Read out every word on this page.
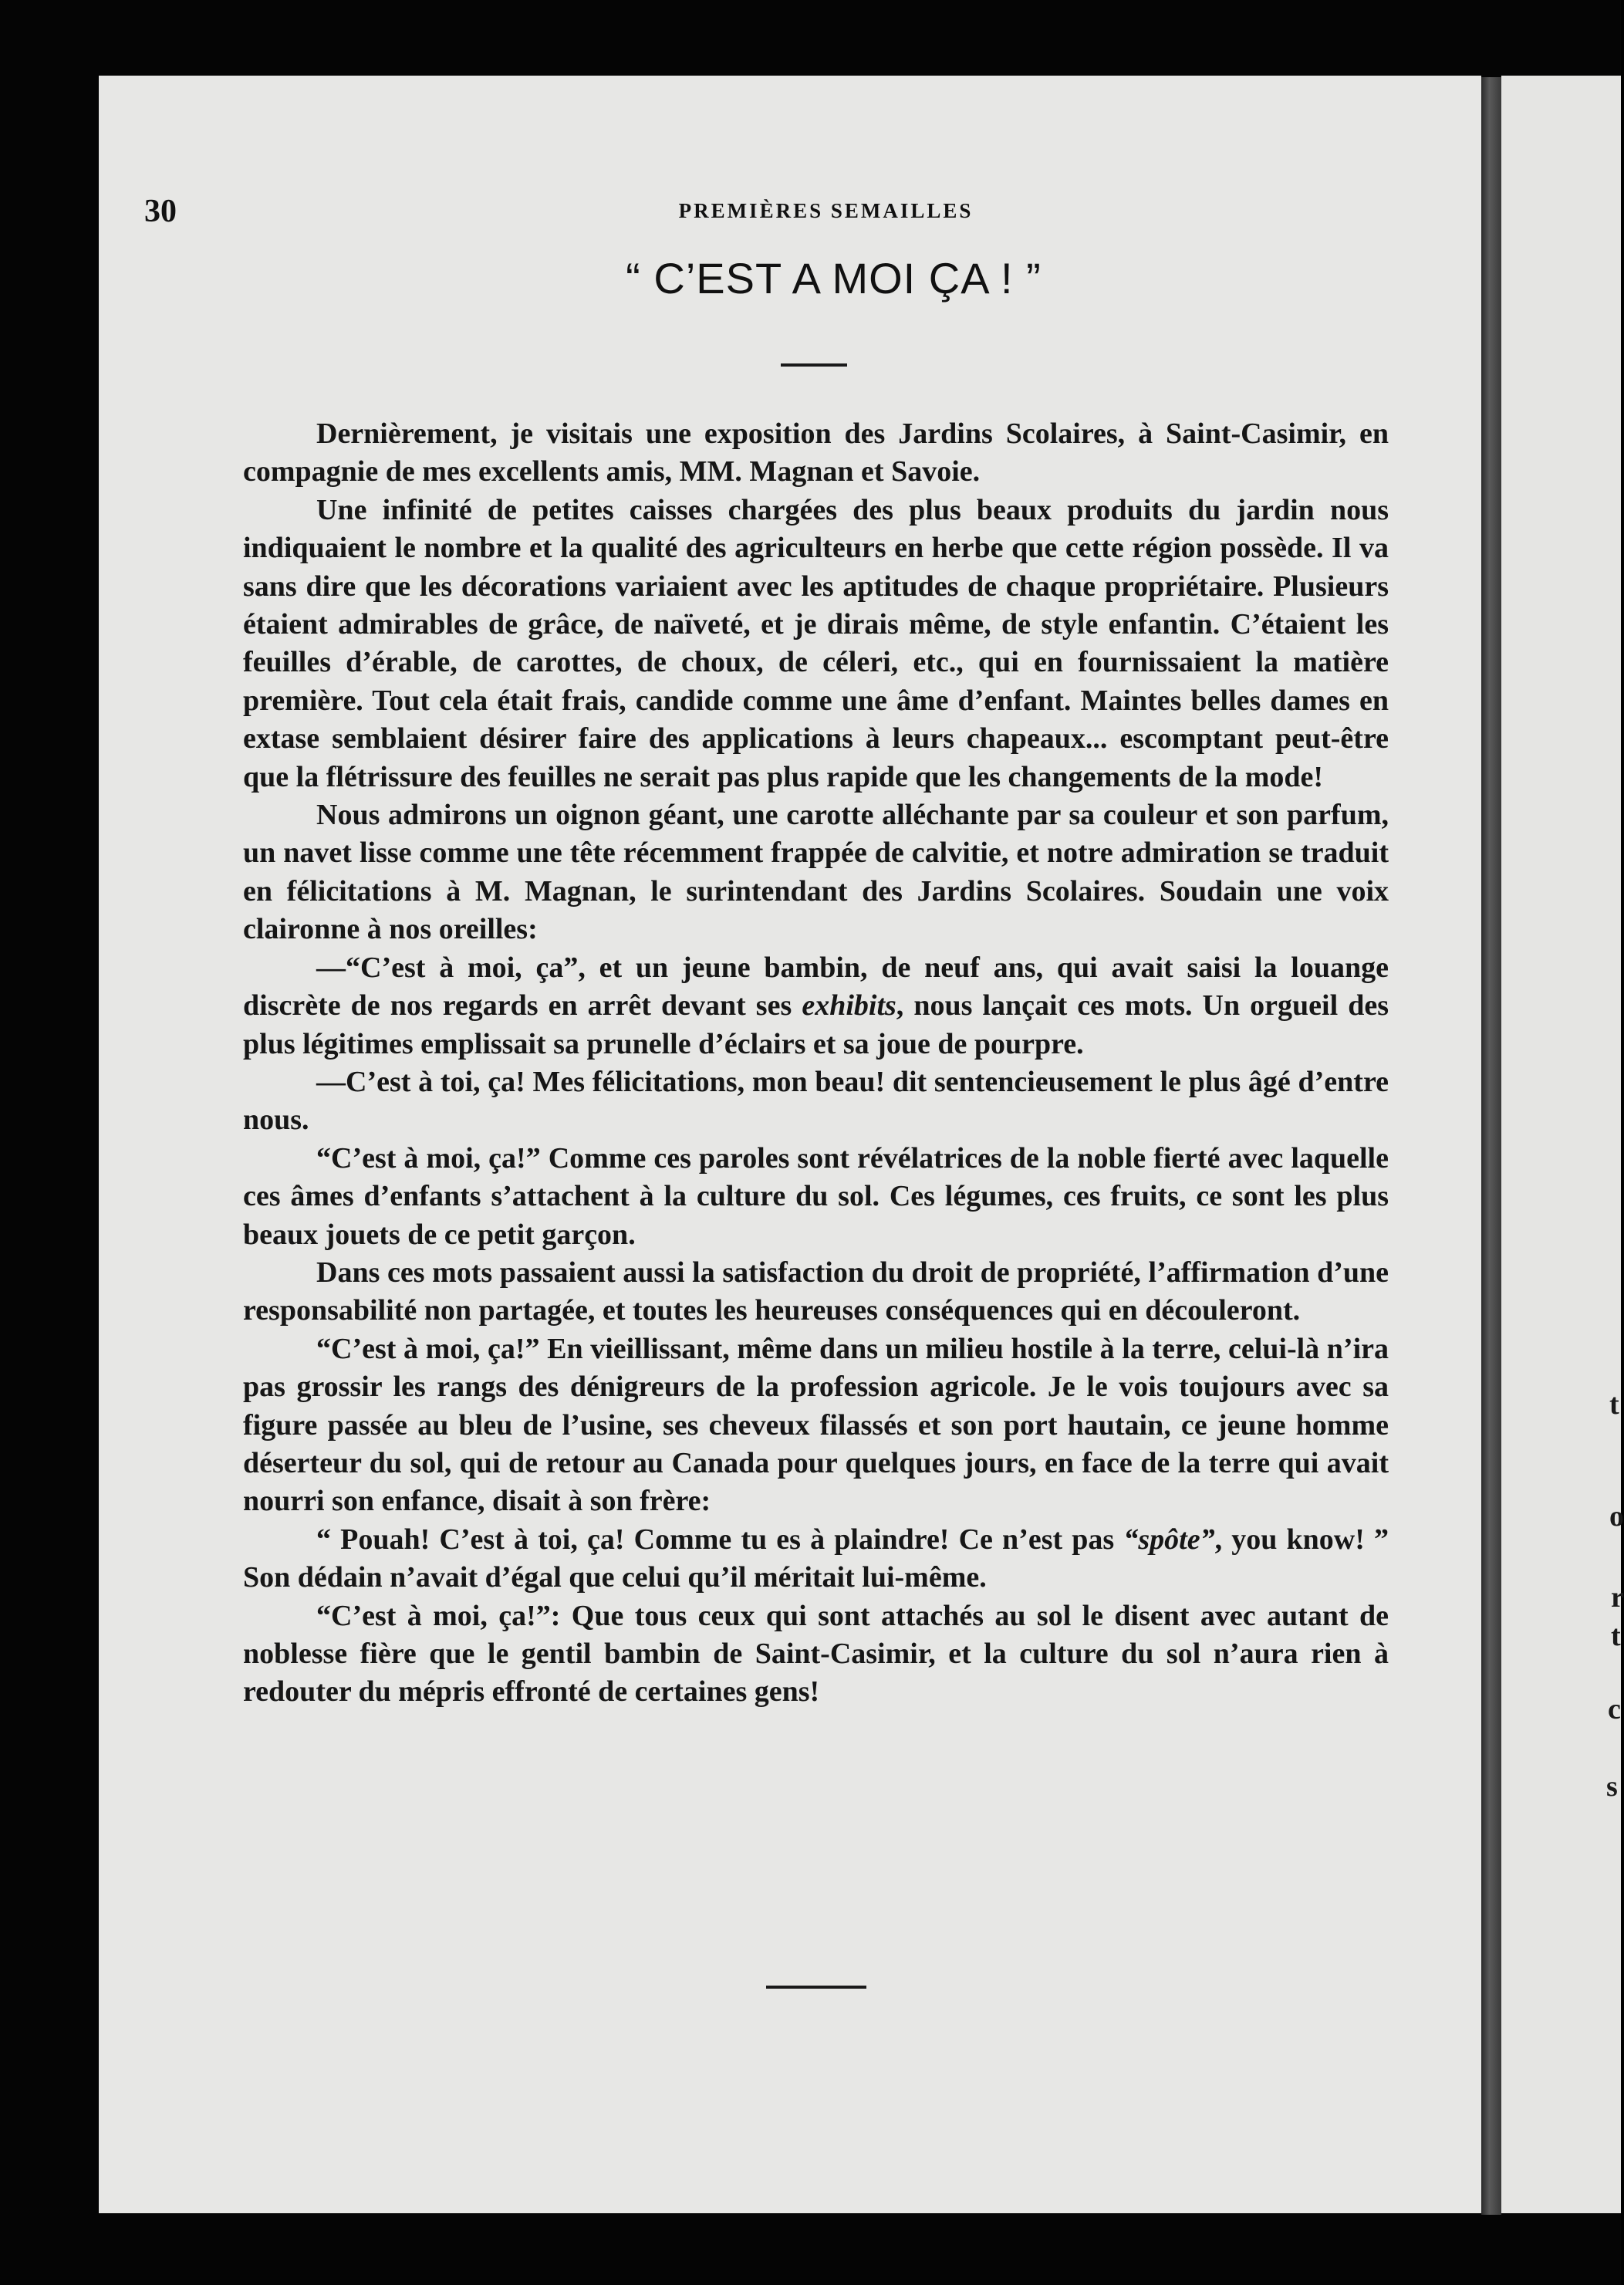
t
o
r
t
c
s
30	PREMIÈRES SEMAILLES
“ C’EST A MOI ÇA ! ”

Dernièrement, je visitais une exposition des Jardins Scolaires, à Saint-Casimir, en compagnie de mes excellents amis, MM. Magnan et Savoie.

Une infinité de petites caisses chargées des plus beaux produits du jardin nous indiquaient le nombre et la qualité des agriculteurs en herbe que cette région possède. Il va sans dire que les décorations variaient avec les aptitudes de chaque propriétaire. Plusieurs étaient admirables de grâce, de naïveté, et je dirais même, de style enfantin. C’étaient les feuilles d’érable, de carottes, de choux, de céleri, etc., qui en fournissaient la matière première. Tout cela était frais, candide comme une âme d’enfant. Maintes belles dames en extase semblaient désirer faire des applications à leurs chapeaux... escomptant peut-être que la flétrissure des feuilles ne serait pas plus rapide que les changements de la mode!

Nous admirons un oignon géant, une carotte alléchante par sa couleur et son parfum, un navet lisse comme une tête récemment frappée de calvitie, et notre admiration se traduit en félicitations à M. Magnan, le surintendant des Jardins Scolaires. Soudain une voix claironne à nos oreilles:

—“C’est à moi, ça”, et un jeune bambin, de neuf ans, qui avait saisi la louange discrète de nos regards en arrêt devant ses exhibits, nous lançait ces mots. Un orgueil des plus légitimes emplissait sa prunelle d’éclairs et sa joue de pourpre.

—C’est à toi, ça! Mes félicitations, mon beau! dit sentencieusement le plus âgé d’entre nous.

“C’est à moi, ça!” Comme ces paroles sont révélatrices de la noble fierté avec laquelle ces âmes d’enfants s’attachent à la culture du sol. Ces légumes, ces fruits, ce sont les plus beaux jouets de ce petit garçon.

Dans ces mots passaient aussi la satisfaction du droit de propriété, l’affirmation d’une responsabilité non partagée, et toutes les heureuses conséquences qui en découleront.

“C’est à moi, ça!” En vieillissant, même dans un milieu hostile à la terre, celui-là n’ira pas grossir les rangs des dénigreurs de la profession agricole. Je le vois toujours avec sa figure passée au bleu de l’usine, ses cheveux filassés et son port hautain, ce jeune homme déserteur du sol, qui de retour au Canada pour quelques jours, en face de la terre qui avait nourri son enfance, disait à son frère:

“ Pouah! C’est à toi, ça! Comme tu es à plaindre! Ce n’est pas “spôte”, you know! ” Son dédain n’avait d’égal que celui qu’il méritait lui-même.

“C’est à moi, ça!”: Que tous ceux qui sont attachés au sol le disent avec autant de noblesse fière que le gentil bambin de Saint-Casimir, et la culture du sol n’aura rien à redouter du mépris effronté de certaines gens!
